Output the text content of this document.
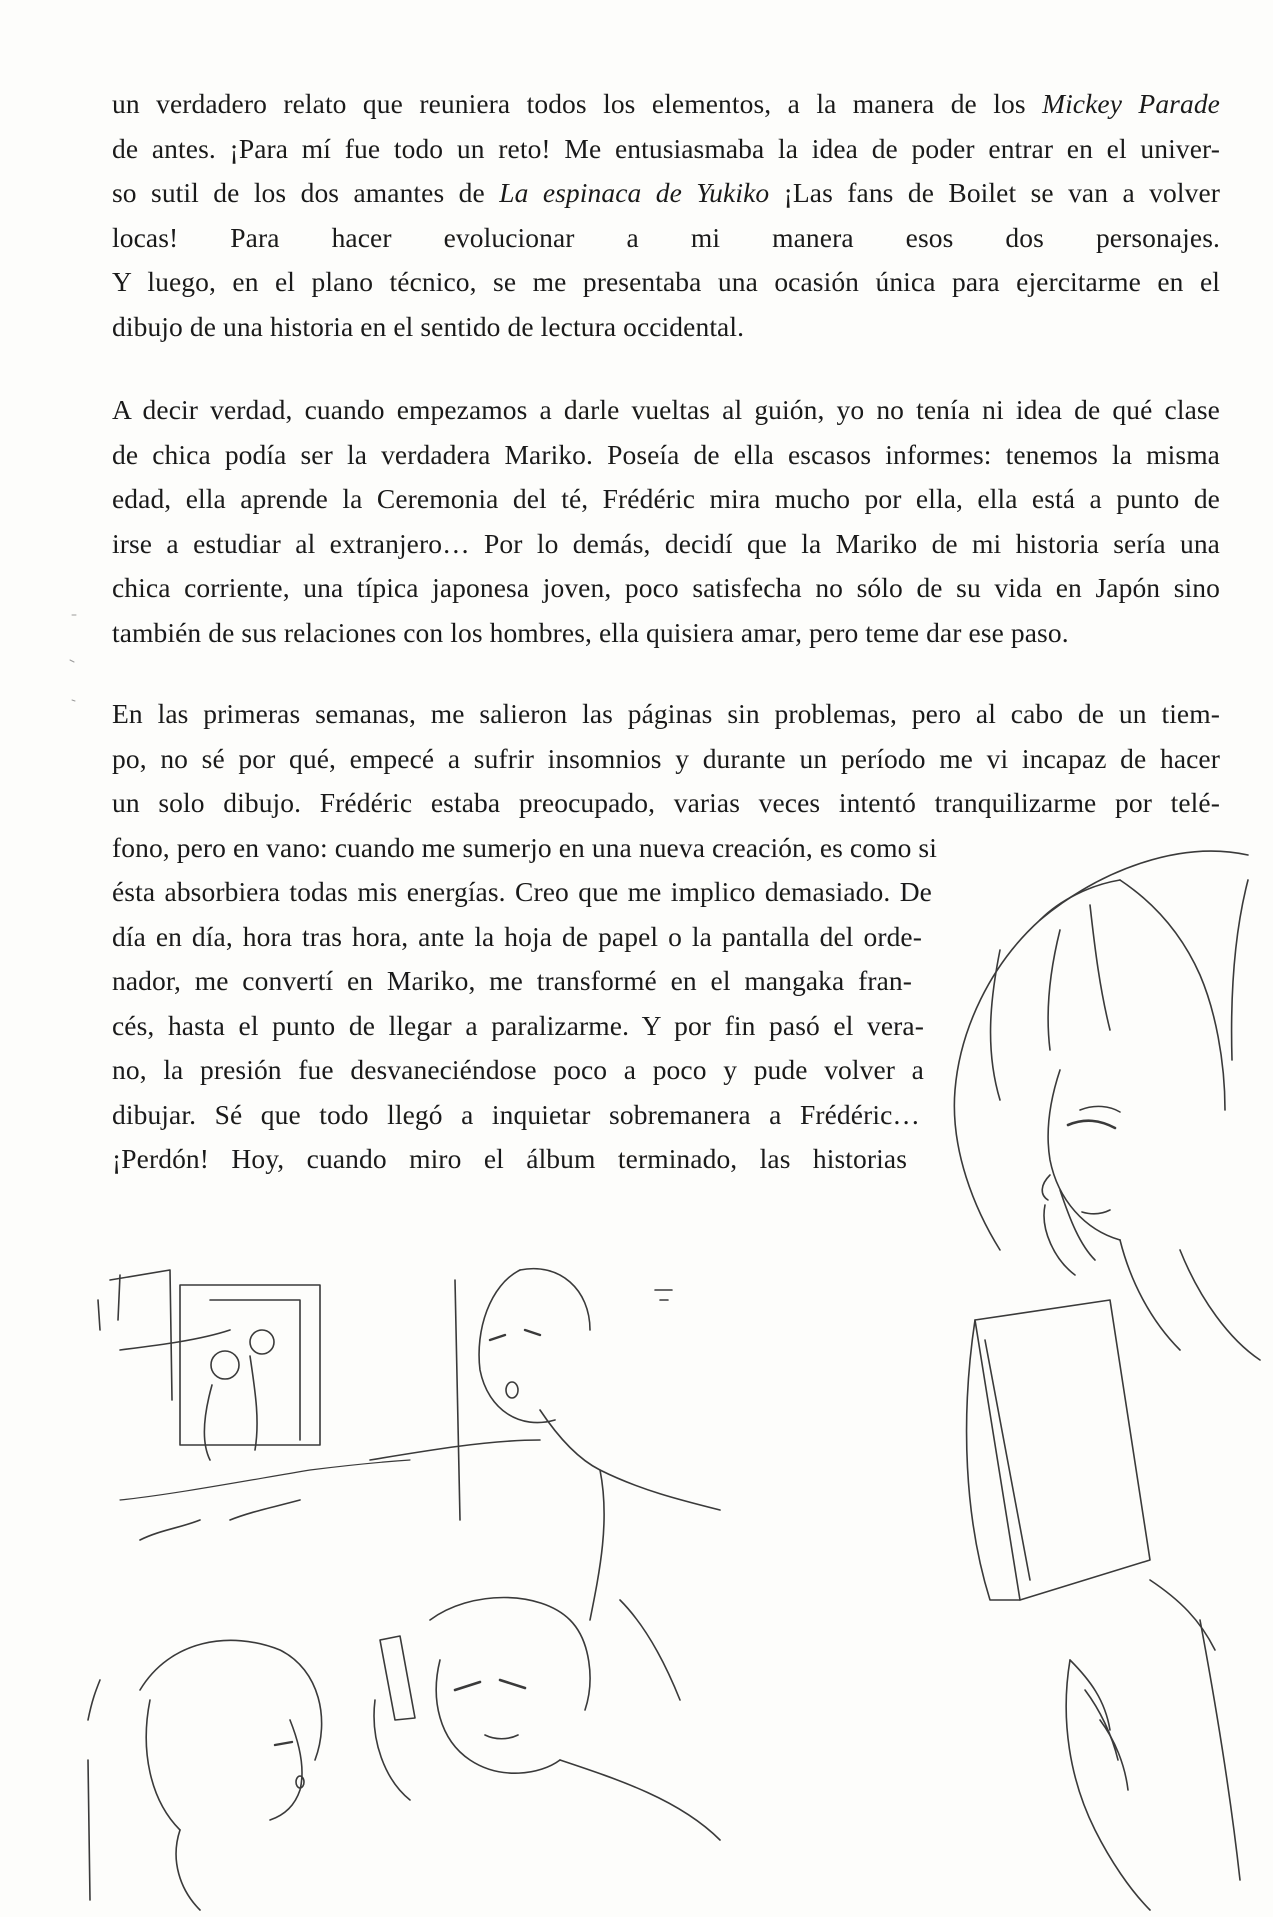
un verdadero relato que reuniera todos los elementos, a la manera de los Mickey Parade
de antes. ¡Para mí fue todo un reto! Me entusiasmaba la idea de poder entrar en el univer-
so sutil de los dos amantes de La espinaca de Yukiko ¡Las fans de Boilet se van a volver
locas! Para hacer evolucionar a mi manera esos dos personajes.
Y luego, en el plano técnico, se me presentaba una ocasión única para ejercitarme en el
dibujo de una historia en el sentido de lectura occidental.
A decir verdad, cuando empezamos a darle vueltas al guión, yo no tenía ni idea de qué clase
de chica podía ser la verdadera Mariko. Poseía de ella escasos informes: tenemos la misma
edad, ella aprende la Ceremonia del té, Frédéric mira mucho por ella, ella está a punto de
irse a estudiar al extranjero… Por lo demás, decidí que la Mariko de mi historia sería una
chica corriente, una típica japonesa joven, poco satisfecha no sólo de su vida en Japón sino
también de sus relaciones con los hombres, ella quisiera amar, pero teme dar ese paso.
En las primeras semanas, me salieron las páginas sin problemas, pero al cabo de un tiem-
po, no sé por qué, empecé a sufrir insomnios y durante un período me vi incapaz de hacer
un solo dibujo. Frédéric estaba preocupado, varias veces intentó tranquilizarme por telé-
fono, pero en vano: cuando me sumerjo en una nueva creación, es como si
ésta absorbiera todas mis energías. Creo que me implico demasiado. De
día en día, hora tras hora, ante la hoja de papel o la pantalla del orde-
nador, me convertí en Mariko, me transformé en el mangaka fran-
cés, hasta el punto de llegar a paralizarme. Y por fin pasó el vera-
no, la presión fue desvaneciéndose poco a poco y pude volver a
dibujar. Sé que todo llegó a inquietar sobremanera a Frédéric…
¡Perdón! Hoy, cuando miro el álbum terminado, las historias
